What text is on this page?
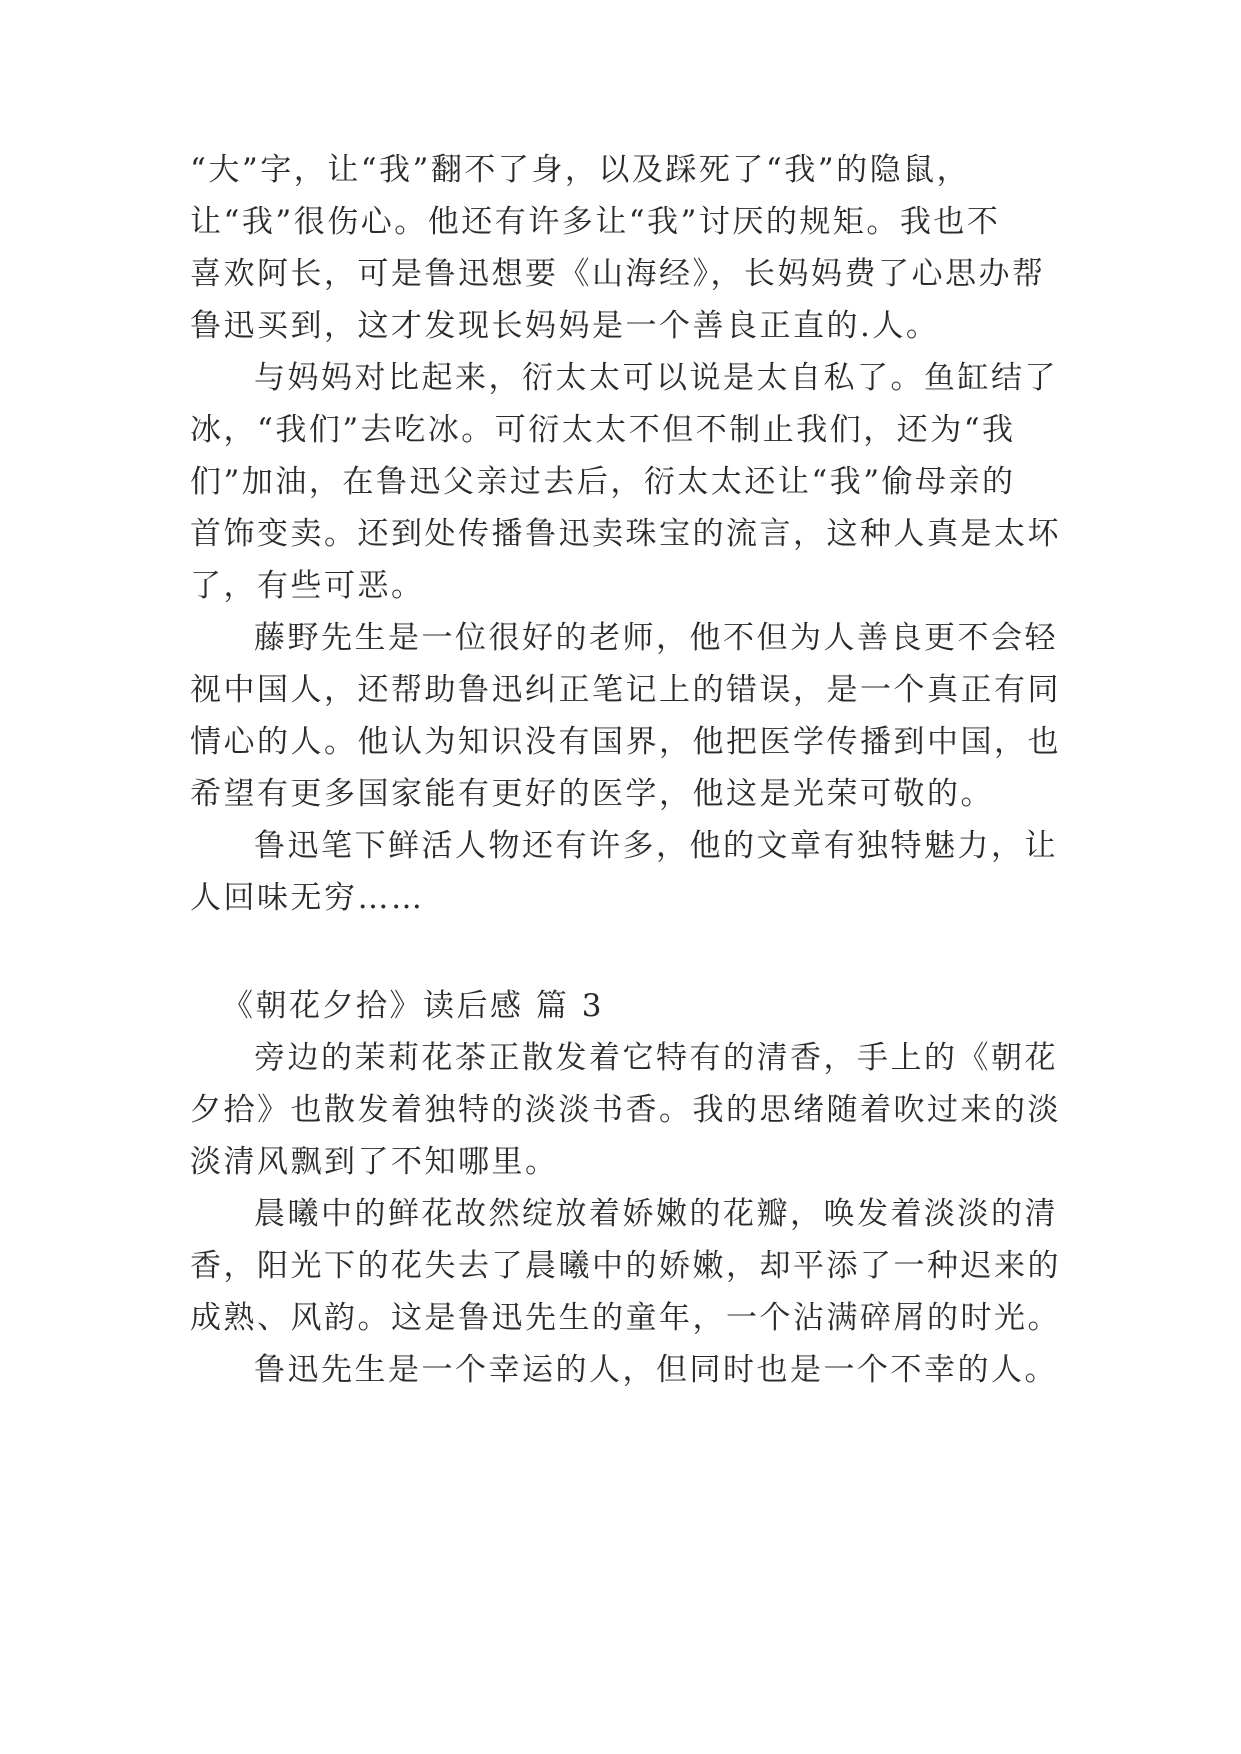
“大”字，让“我”翻不了身，以及踩死了“我”的隐鼠，
让“我”很伤心。他还有许多让“我”讨厌的规矩。我也不
喜欢阿长，可是鲁迅想要《山海经》，长妈妈费了心思办帮
鲁迅买到，这才发现长妈妈是一个善良正直的.人。
与妈妈对比起来，衍太太可以说是太自私了。鱼缸结了
冰，“我们”去吃冰。可衍太太不但不制止我们，还为“我
们”加油，在鲁迅父亲过去后，衍太太还让“我”偷母亲的
首饰变卖。还到处传播鲁迅卖珠宝的流言，这种人真是太坏
了，有些可恶。
藤野先生是一位很好的老师，他不但为人善良更不会轻
视中国人，还帮助鲁迅纠正笔记上的错误，是一个真正有同
情心的人。他认为知识没有国界，他把医学传播到中国，也
希望有更多国家能有更好的医学，他这是光荣可敬的。
鲁迅笔下鲜活人物还有许多，他的文章有独特魅力，让
人回味无穷……
《朝花夕拾》读后感 篇 3
旁边的茉莉花茶正散发着它特有的清香，手上的《朝花
夕拾》也散发着独特的淡淡书香。我的思绪随着吹过来的淡
淡清风飘到了不知哪里。
晨曦中的鲜花故然绽放着娇嫩的花瓣，唤发着淡淡的清
香，阳光下的花失去了晨曦中的娇嫩，却平添了一种迟来的
成熟、风韵。这是鲁迅先生的童年，一个沾满碎屑的时光。
鲁迅先生是一个幸运的人，但同时也是一个不幸的人。
